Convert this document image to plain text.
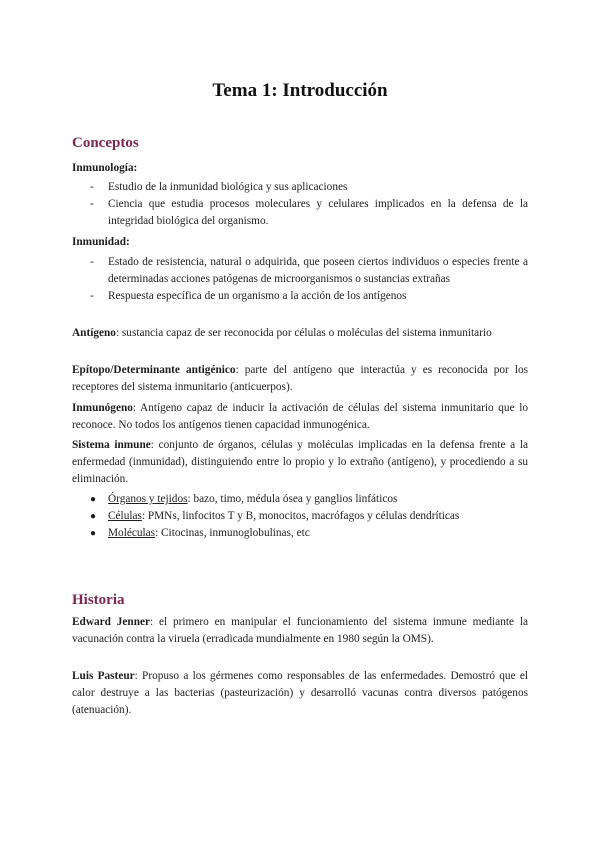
Tema 1: Introducción
Conceptos
Inmunología:
- Estudio de la inmunidad biológica y sus aplicaciones
- Ciencia que estudia procesos moleculares y celulares implicados en la defensa de la integridad biológica del organismo.
Inmunidad:
- Estado de resistencia, natural o adquirida, que poseen ciertos individuos o especies frente a determinadas acciones patógenas de microorganismos o sustancias extrañas
- Respuesta específica de un organismo a la acción de los antígenos
Antígeno: sustancia capaz de ser reconocida por células o moléculas del sistema inmunitario
Epítopo/Determinante antigénico: parte del antígeno que interactúa y es reconocida por los receptores del sistema inmunitario (anticuerpos).
Inmunógeno: Antígeno capaz de inducir la activación de células del sistema inmunitario que lo reconoce. No todos los antígenos tienen capacidad inmunogénica.
Sistema inmune: conjunto de órganos, células y moléculas implicadas en la defensa frente a la enfermedad (inmunidad), distinguiendo entre lo propio y lo extraño (antígeno), y procediendo a su eliminación.
● Órganos y tejidos: bazo, timo, médula ósea y ganglios linfáticos
● Células: PMNs, linfocitos T y B, monocitos, macrófagos y células dendríticas
● Moléculas: Citocinas, inmunoglobulinas, etc
Historia
Edward Jenner: el primero en manipular el funcionamiento del sistema inmune mediante la vacunación contra la viruela (erradicada mundialmente en 1980 según la OMS).
Luis Pasteur: Propuso a los gérmenes como responsables de las enfermedades. Demostró que el calor destruye a las bacterias (pasteurización) y desarrolló vacunas contra diversos patógenos (atenuación).
